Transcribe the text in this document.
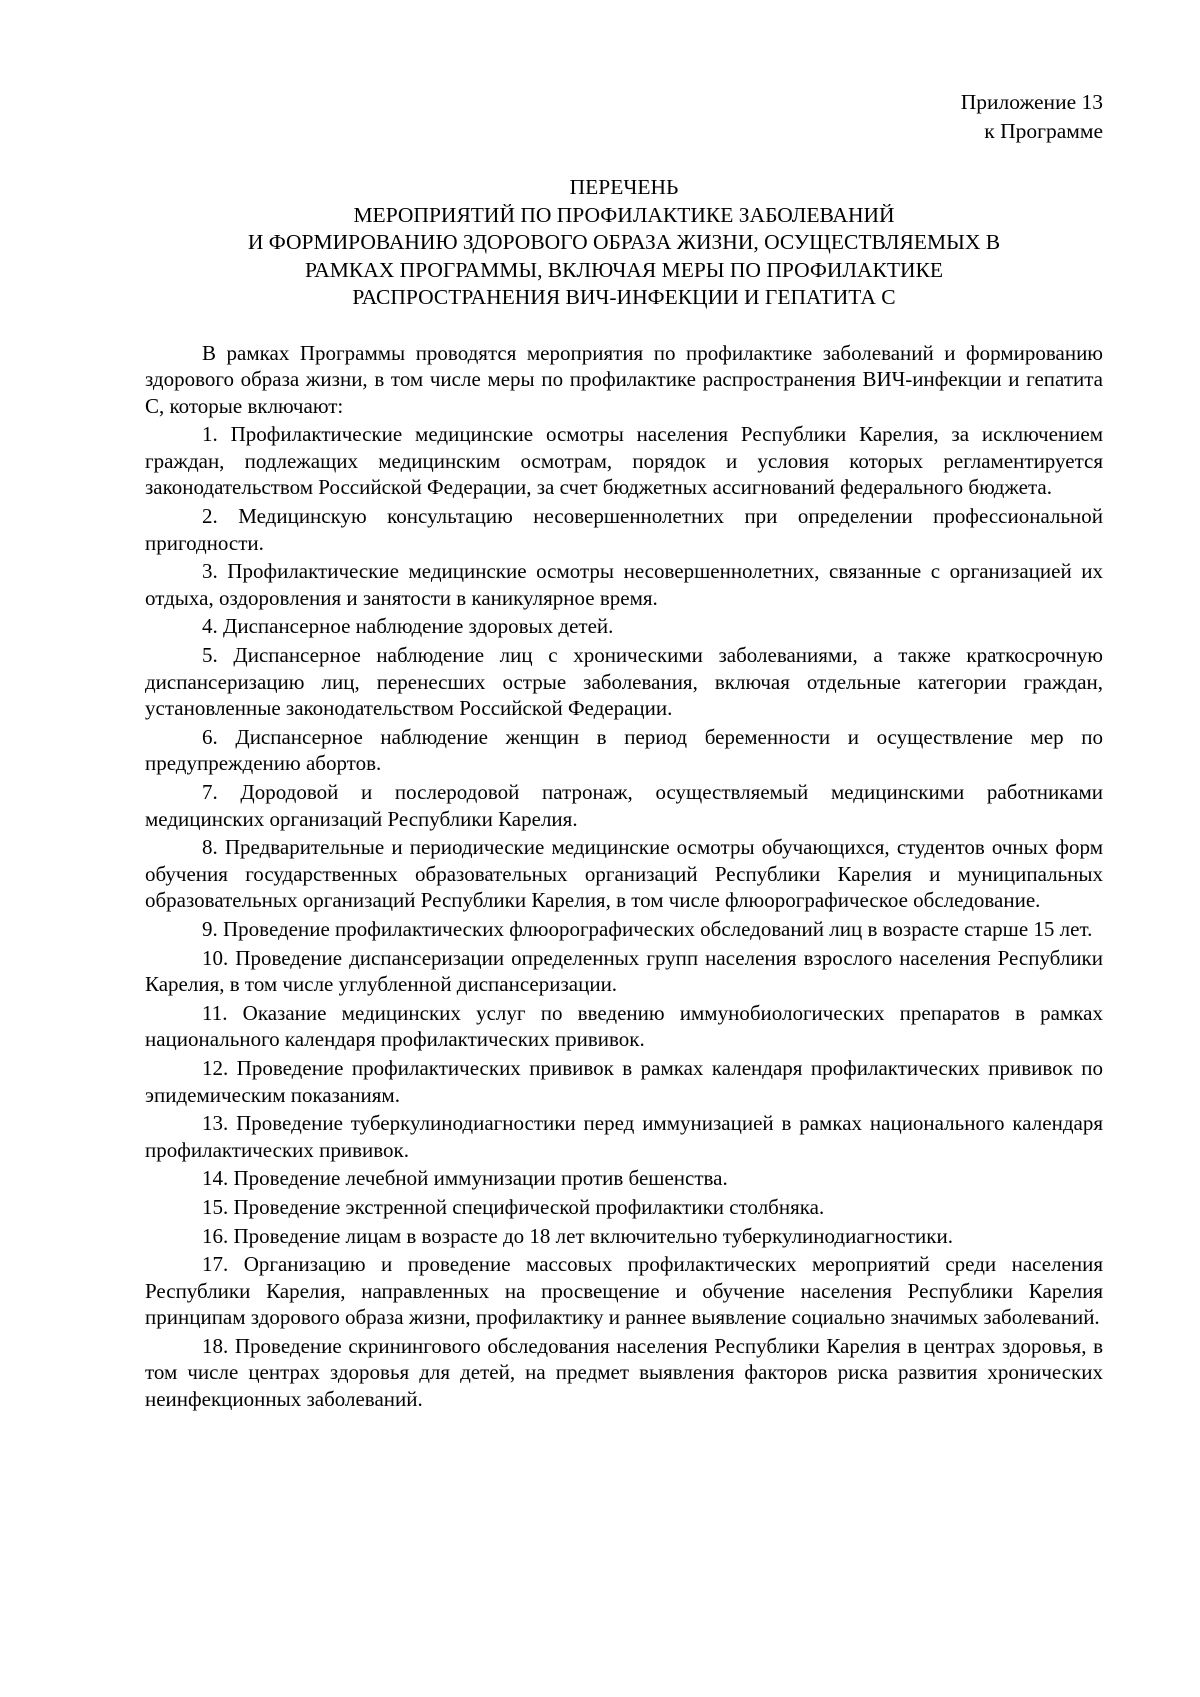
Приложение 13
к Программе
ПЕРЕЧЕНЬ
МЕРОПРИЯТИЙ ПО ПРОФИЛАКТИКЕ ЗАБОЛЕВАНИЙ
И ФОРМИРОВАНИЮ ЗДОРОВОГО ОБРАЗА ЖИЗНИ, ОСУЩЕСТВЛЯЕМЫХ В
РАМКАХ ПРОГРАММЫ, ВКЛЮЧАЯ МЕРЫ ПО ПРОФИЛАКТИКЕ
РАСПРОСТРАНЕНИЯ ВИЧ-ИНФЕКЦИИ И ГЕПАТИТА С

В рамках Программы проводятся мероприятия по профилактике заболеваний и формированию здорового образа жизни, в том числе меры по профилактике распространения ВИЧ-инфекции и гепатита С, которые включают:

1. Профилактические медицинские осмотры населения Республики Карелия, за исключением граждан, подлежащих медицинским осмотрам, порядок и условия которых регламентируется законодательством Российской Федерации, за счет бюджетных ассигнований федерального бюджета.

2. Медицинскую консультацию несовершеннолетних при определении профессиональной пригодности.

3. Профилактические медицинские осмотры несовершеннолетних, связанные с организацией их отдыха, оздоровления и занятости в каникулярное время.

4. Диспансерное наблюдение здоровых детей.

5. Диспансерное наблюдение лиц с хроническими заболеваниями, а также краткосрочную диспансеризацию лиц, перенесших острые заболевания, включая отдельные категории граждан, установленные законодательством Российской Федерации.

6. Диспансерное наблюдение женщин в период беременности и осуществление мер по предупреждению абортов.

7. Дородовой и послеродовой патронаж, осуществляемый медицинскими работниками медицинских организаций Республики Карелия.

8. Предварительные и периодические медицинские осмотры обучающихся, студентов очных форм обучения государственных образовательных организаций Республики Карелия и муниципальных образовательных организаций Республики Карелия, в том числе флюорографическое обследование.

9. Проведение профилактических флюорографических обследований лиц в возрасте старше 15 лет.

10. Проведение диспансеризации определенных групп населения взрослого населения Республики Карелия, в том числе углубленной диспансеризации.

11. Оказание медицинских услуг по введению иммунобиологических препаратов в рамках национального календаря профилактических прививок.

12. Проведение профилактических прививок в рамках календаря профилактических прививок по эпидемическим показаниям.

13. Проведение туберкулинодиагностики перед иммунизацией в рамках национального календаря профилактических прививок.

14. Проведение лечебной иммунизации против бешенства.

15. Проведение экстренной специфической профилактики столбняка.

16. Проведение лицам в возрасте до 18 лет включительно туберкулинодиагностики.

17. Организацию и проведение массовых профилактических мероприятий среди населения Республики Карелия, направленных на просвещение и обучение населения Республики Карелия принципам здорового образа жизни, профилактику и раннее выявление социально значимых заболеваний.

18. Проведение скринингового обследования населения Республики Карелия в центрах здоровья, в том числе центрах здоровья для детей, на предмет выявления факторов риска развития хронических неинфекционных заболеваний.
